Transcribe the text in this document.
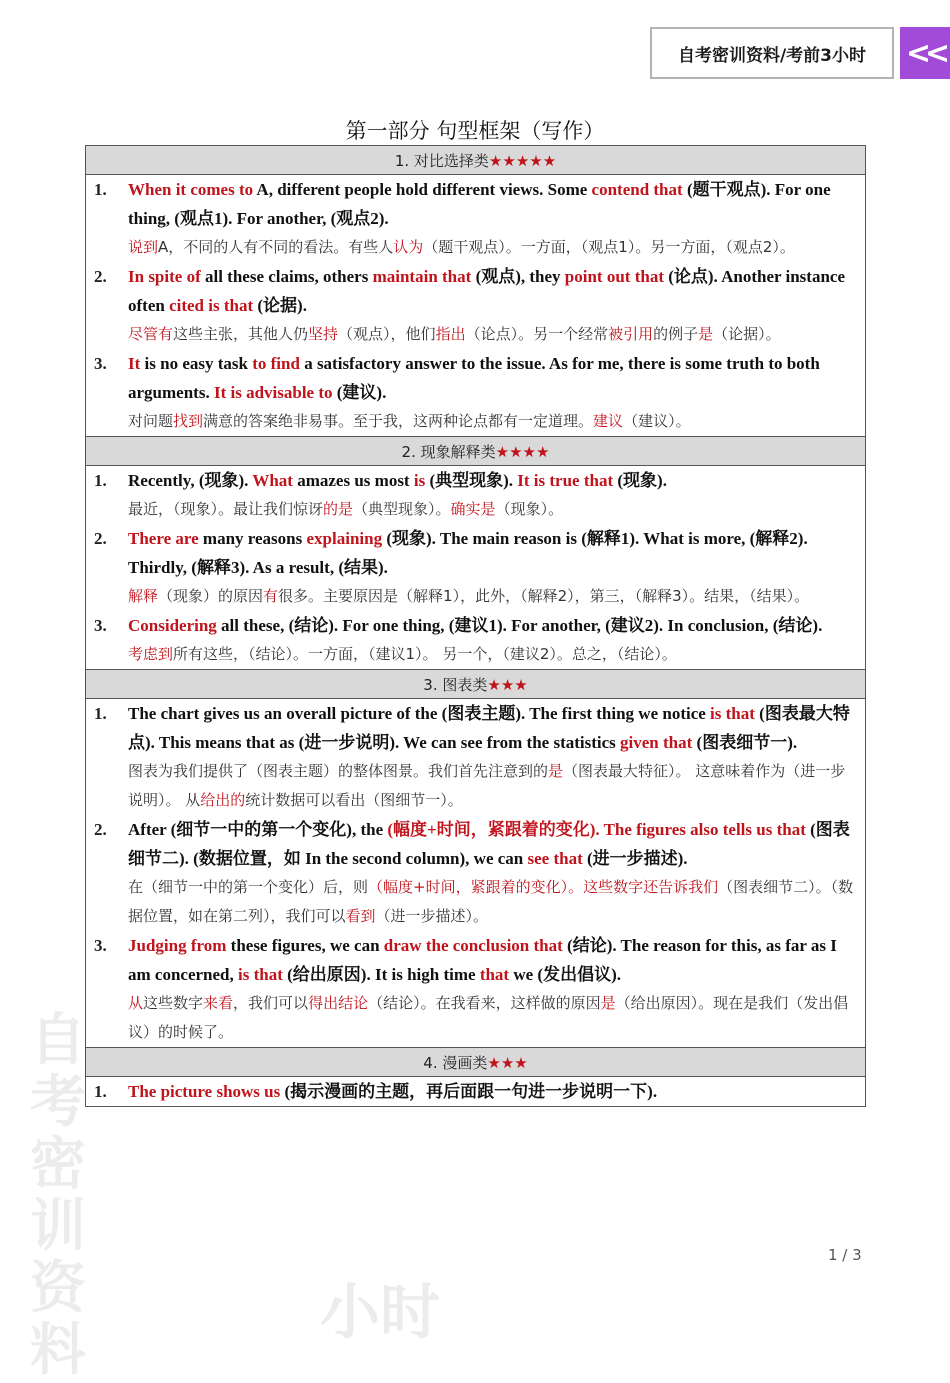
自考密训资料/考前3小时 <<
自考密训资料
小时
第一部分 句型框架（写作）
1. 对比选择类★★★★★

1.	When it comes to A, different people hold different views. Some contend that (题干观点). For one thing, (观点1). For another, (观点2).
说到A，不同的人有不同的看法。有些人认为（题干观点）。一方面，（观点1）。另一方面，（观点2）。
2.	In spite of all these claims, others maintain that (观点), they point out that (论点). Another instance often cited is that (论据).
尽管有这些主张，其他人仍坚持（观点），他们指出（论点）。另一个经常被引用的例子是（论据）。
3.	It is no easy task to find a satisfactory answer to the issue. As for me, there is some truth to both arguments. It is advisable to (建议).
对问题找到满意的答案绝非易事。至于我，这两种论点都有一定道理。建议（建议）。

2. 现象解释类★★★★

1.	Recently, (现象). What amazes us most is (典型现象). It is true that (现象).
最近，（现象）。最让我们惊讶的是（典型现象）。确实是（现象）。
2.	There are many reasons explaining (现象). The main reason is (解释1). What is more, (解释2). Thirdly, (解释3). As a result, (结果).
解释（现象）的原因有很多。主要原因是（解释1），此外，（解释2），第三，（解释3）。结果，（结果）。
3.	Considering all these, (结论). For one thing, (建议1). For another, (建议2). In conclusion, (结论).
考虑到所有这些，（结论）。一方面，（建议1）。 另一个，（建议2）。总之，（结论）。

3. 图表类★★★

1.	The chart gives us an overall picture of the (图表主题). The first thing we notice is that (图表最大特点). This means that as (进一步说明). We can see from the statistics given that (图表细节一).
图表为我们提供了（图表主题）的整体图景。我们首先注意到的是（图表最大特征）。 这意味着作为（进一步说明）。 从给出的统计数据可以看出（图细节一）。
2.	After (细节一中的第一个变化), the (幅度+时间，紧跟着的变化). The figures also tells us that (图表细节二). (数据位置，如 In the second column), we can see that (进一步描述).
在（细节一中的第一个变化）后，则（幅度+时间，紧跟着的变化）。这些数字还告诉我们（图表细节二）。（数据位置，如在第二列），我们可以看到（进一步描述）。
3.	Judging from these figures, we can draw the conclusion that (结论). The reason for this, as far as I am concerned, is that (给出原因). It is high time that we (发出倡议).
从这些数字来看，我们可以得出结论（结论）。在我看来，这样做的原因是（给出原因）。现在是我们（发出倡议）的时候了。

4. 漫画类★★★

1.	The picture shows us (揭示漫画的主题，再后面跟一句进一步说明一下).
1 / 3
